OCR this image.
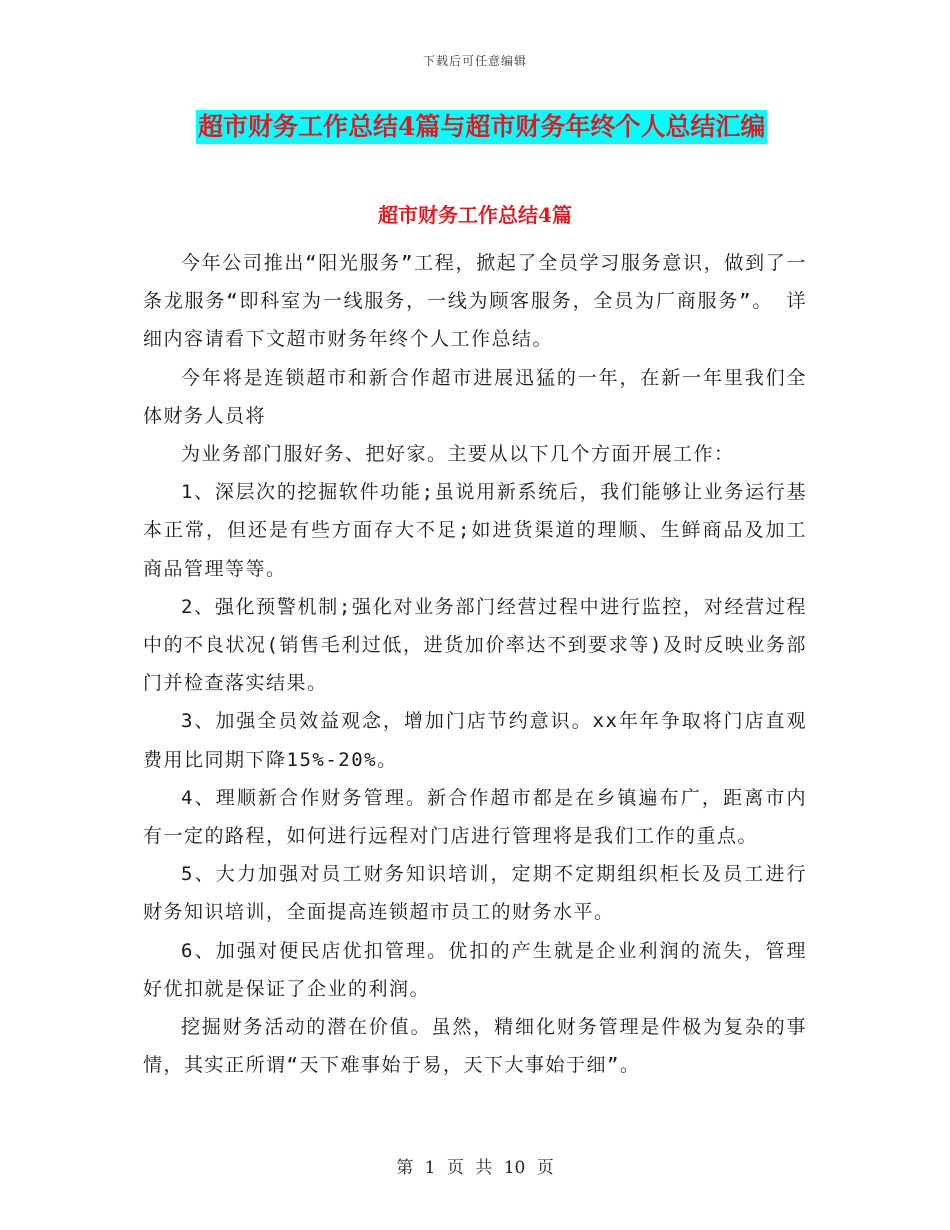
下载后可任意编辑
超市财务工作总结4篇与超市财务年终个人总结汇编
超市财务工作总结4篇

今年公司推出“阳光服务”工程，掀起了全员学习服务意识，做到了一条龙服务“即科室为一线服务，一线为顾客服务，全员为厂商服务”。 详细内容请看下文超市财务年终个人工作总结。

今年将是连锁超市和新合作超市进展迅猛的一年，在新一年里我们全体财务人员将

为业务部门服好务、把好家。主要从以下几个方面开展工作：

1、深层次的挖掘软件功能;虽说用新系统后，我们能够让业务运行基本正常，但还是有些方面存大不足;如进货渠道的理顺、生鲜商品及加工商品管理等等。

2、强化预警机制;强化对业务部门经营过程中进行监控，对经营过程中的不良状况(销售毛利过低，进货加价率达不到要求等)及时反映业务部门并检查落实结果。

3、加强全员效益观念，增加门店节约意识。xx年年争取将门店直观费用比同期下降15%-20%。

4、理顺新合作财务管理。新合作超市都是在乡镇遍布广，距离市内有一定的路程，如何进行远程对门店进行管理将是我们工作的重点。

5、大力加强对员工财务知识培训，定期不定期组织柜长及员工进行财务知识培训，全面提高连锁超市员工的财务水平。

6、加强对便民店优扣管理。优扣的产生就是企业利润的流失，管理好优扣就是保证了企业的利润。

挖掘财务活动的潜在价值。虽然，精细化财务管理是件极为复杂的事情，其实正所谓“天下难事始于易，天下大事始于细”。

第 1 页 共 10 页
